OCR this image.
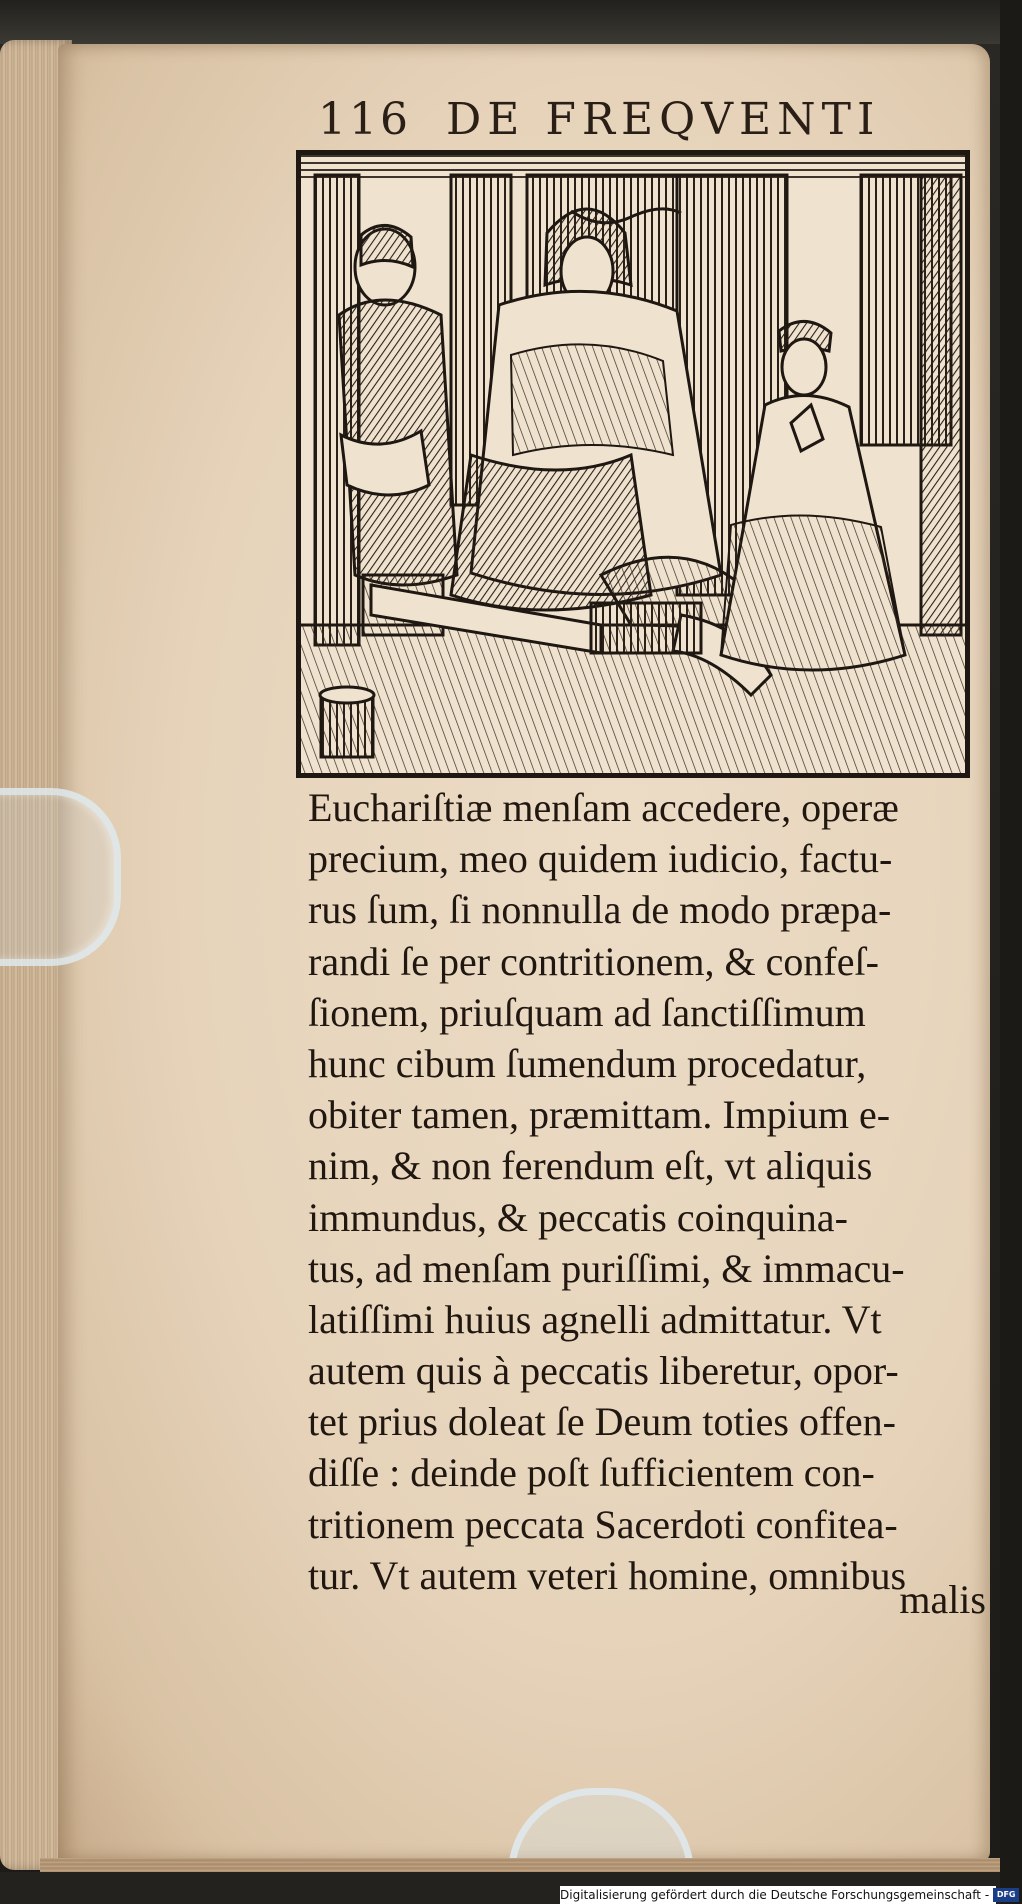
116 DE FREQVENTI
Euchariſtiæ menſam accedere, operæ
precium, meo quidem iudicio, factu-
rus ſum, ſi nonnulla de modo præpa-
randi ſe per contritionem, & confeſ-
ſionem, priuſquam ad ſanctiſſimum
hunc cibum ſumendum procedatur,
obiter tamen, præmittam. Impium e-
nim, & non ferendum eſt, vt aliquis
immundus, & peccatis coinquina-
tus, ad menſam puriſſimi, & immacu-
latiſſimi huius agnelli admittatur. Vt
autem quis à peccatis liberetur, opor-
tet prius doleat ſe Deum toties offen-
diſſe : deinde poſt ſufficientem con-
tritionem peccata Sacerdoti confitea-
tur. Vt autem veteri homine, omnibus
malis
Digitalisierung gefördert durch die Deutsche Forschungsgemeinschaft - DFG
